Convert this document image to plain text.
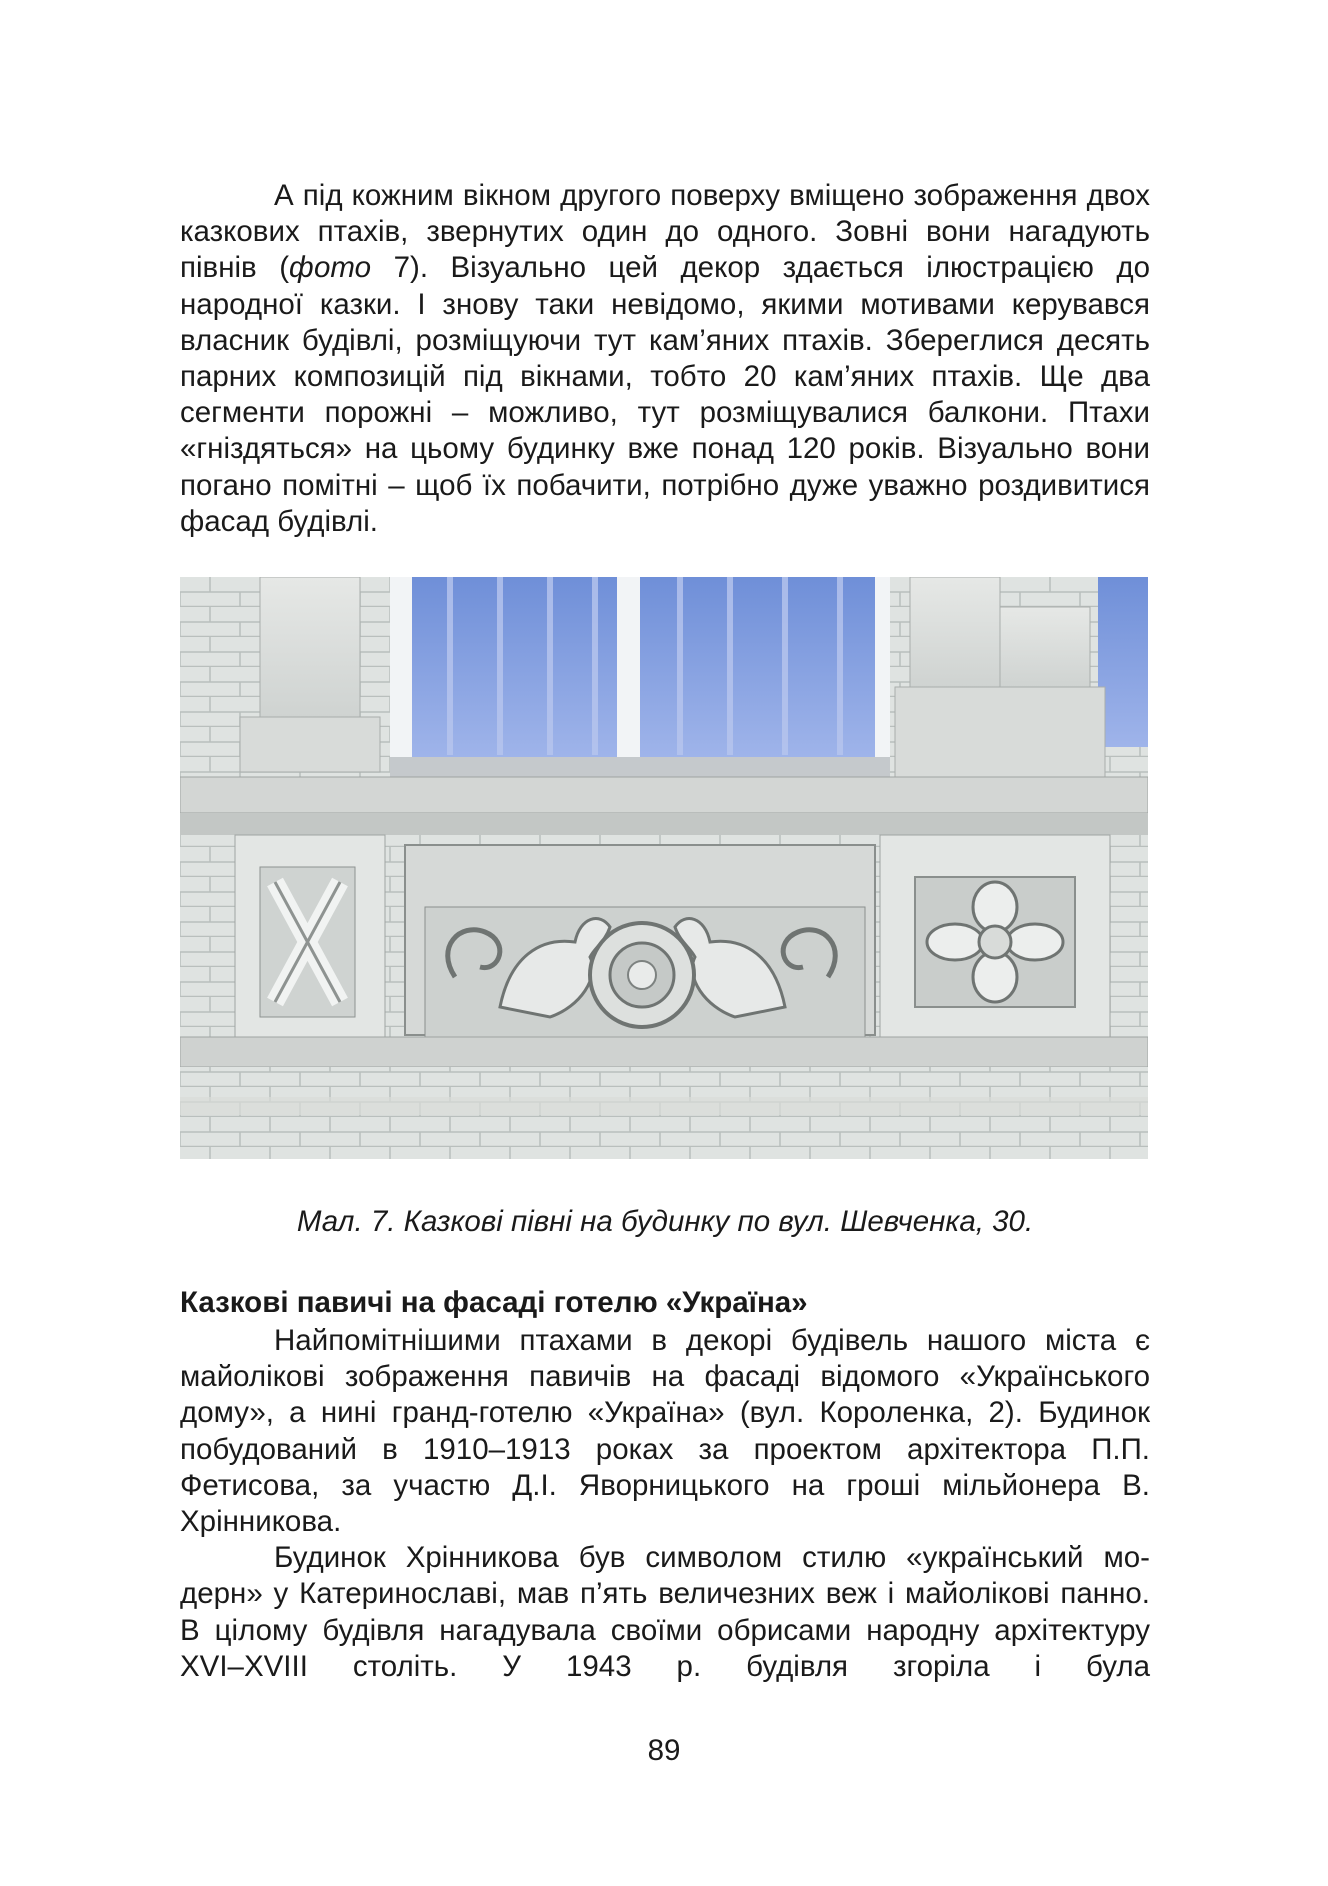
А під кожним вікном другого поверху вміщено зображення двох казкових птахів, звернутих один до одного. Зовні вони нагадують півнів (фото 7). Візуально цей декор здається ілюстрацією до народної казки. І знову таки невідомо, якими мотивами керувався власник будівлі, розміщуючи тут кам’яних птахів. Збереглися десять парних композицій під вікнами, тобто 20 кам’яних птахів. Ще два сегменти порожні – можливо, тут розміщувалися балкони. Птахи «гніздяться» на цьому будинку вже понад 120 років. Візуально вони погано помітні – щоб їх побачити, потрібно дуже уважно роздивитися фасад будівлі.

Мал. 7. Казкові півні на будинку по вул. Шевченка, 30.
Казкові павичі на фасаді готелю «Україна»

Найпомітнішими птахами в декорі будівель нашого міста є майолікові зображення павичів на фасаді відомого «Українського дому», а нині гранд-готелю «Україна» (вул. Короленка, 2). Будинок побудований в 1910–1913 роках за проектом архітектора П.П. Фетисова, за участю Д.І. Яворницького на гроші мільйонера В. Хрінникова.

Будинок Хрінникова був символом стилю «український модерн» у Катеринославі, мав п’ять величезних веж і майолікові панно. В цілому будівля нагадувала своїми обрисами народну архітектуру XVI–XVIII століть. У 1943 р. будівля згоріла і була

89
